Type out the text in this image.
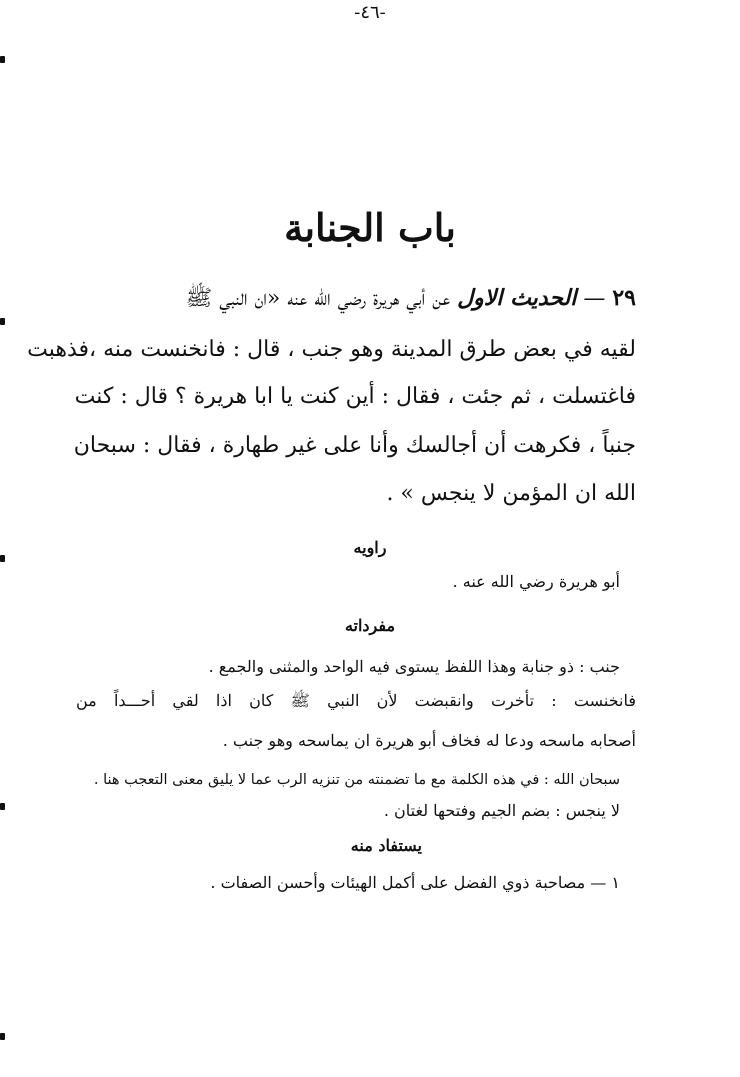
باب الجنابة
٢٩ — الحديث الاول عن أبي هريرة رضي الله عنه «ان النبي ﷺ
لقيه في بعض طرق المدينة وهو جنب ، قال : فانخنست منه ،فذهبت
فاغتسلت ، ثم جئت ، فقال : أين كنت يا ابا هريرة ؟ قال : كنت
جنباً ، فكرهت أن أجالسك وأنا على غير طهارة ، فقال : سبحان
الله ان المؤمن لا ينجس » .
راويه
أبو هريرة رضي الله عنه .
مفرداته
جنب : ذو جنابة وهذا اللفظ يستوى فيه الواحد والمثنى والجمع .
فانخنست : تأخرت وانقبضت لأن النبي ﷺ كان اذا لقي أحـــداً من
أصحابه ماسحه ودعا له فخاف أبو هريرة ان يماسحه وهو جنب .
سبحان الله : في هذه الكلمة مع ما تضمنته من تنزيه الرب عما لا يليق معنى التعجب هنا .
لا ينجس : بضم الجيم وفتحها لغتان .
يستفاد منه
١ — مصاحبة ذوي الفضل على أكمل الهيئات وأحسن الصفات .
-٤٦-
